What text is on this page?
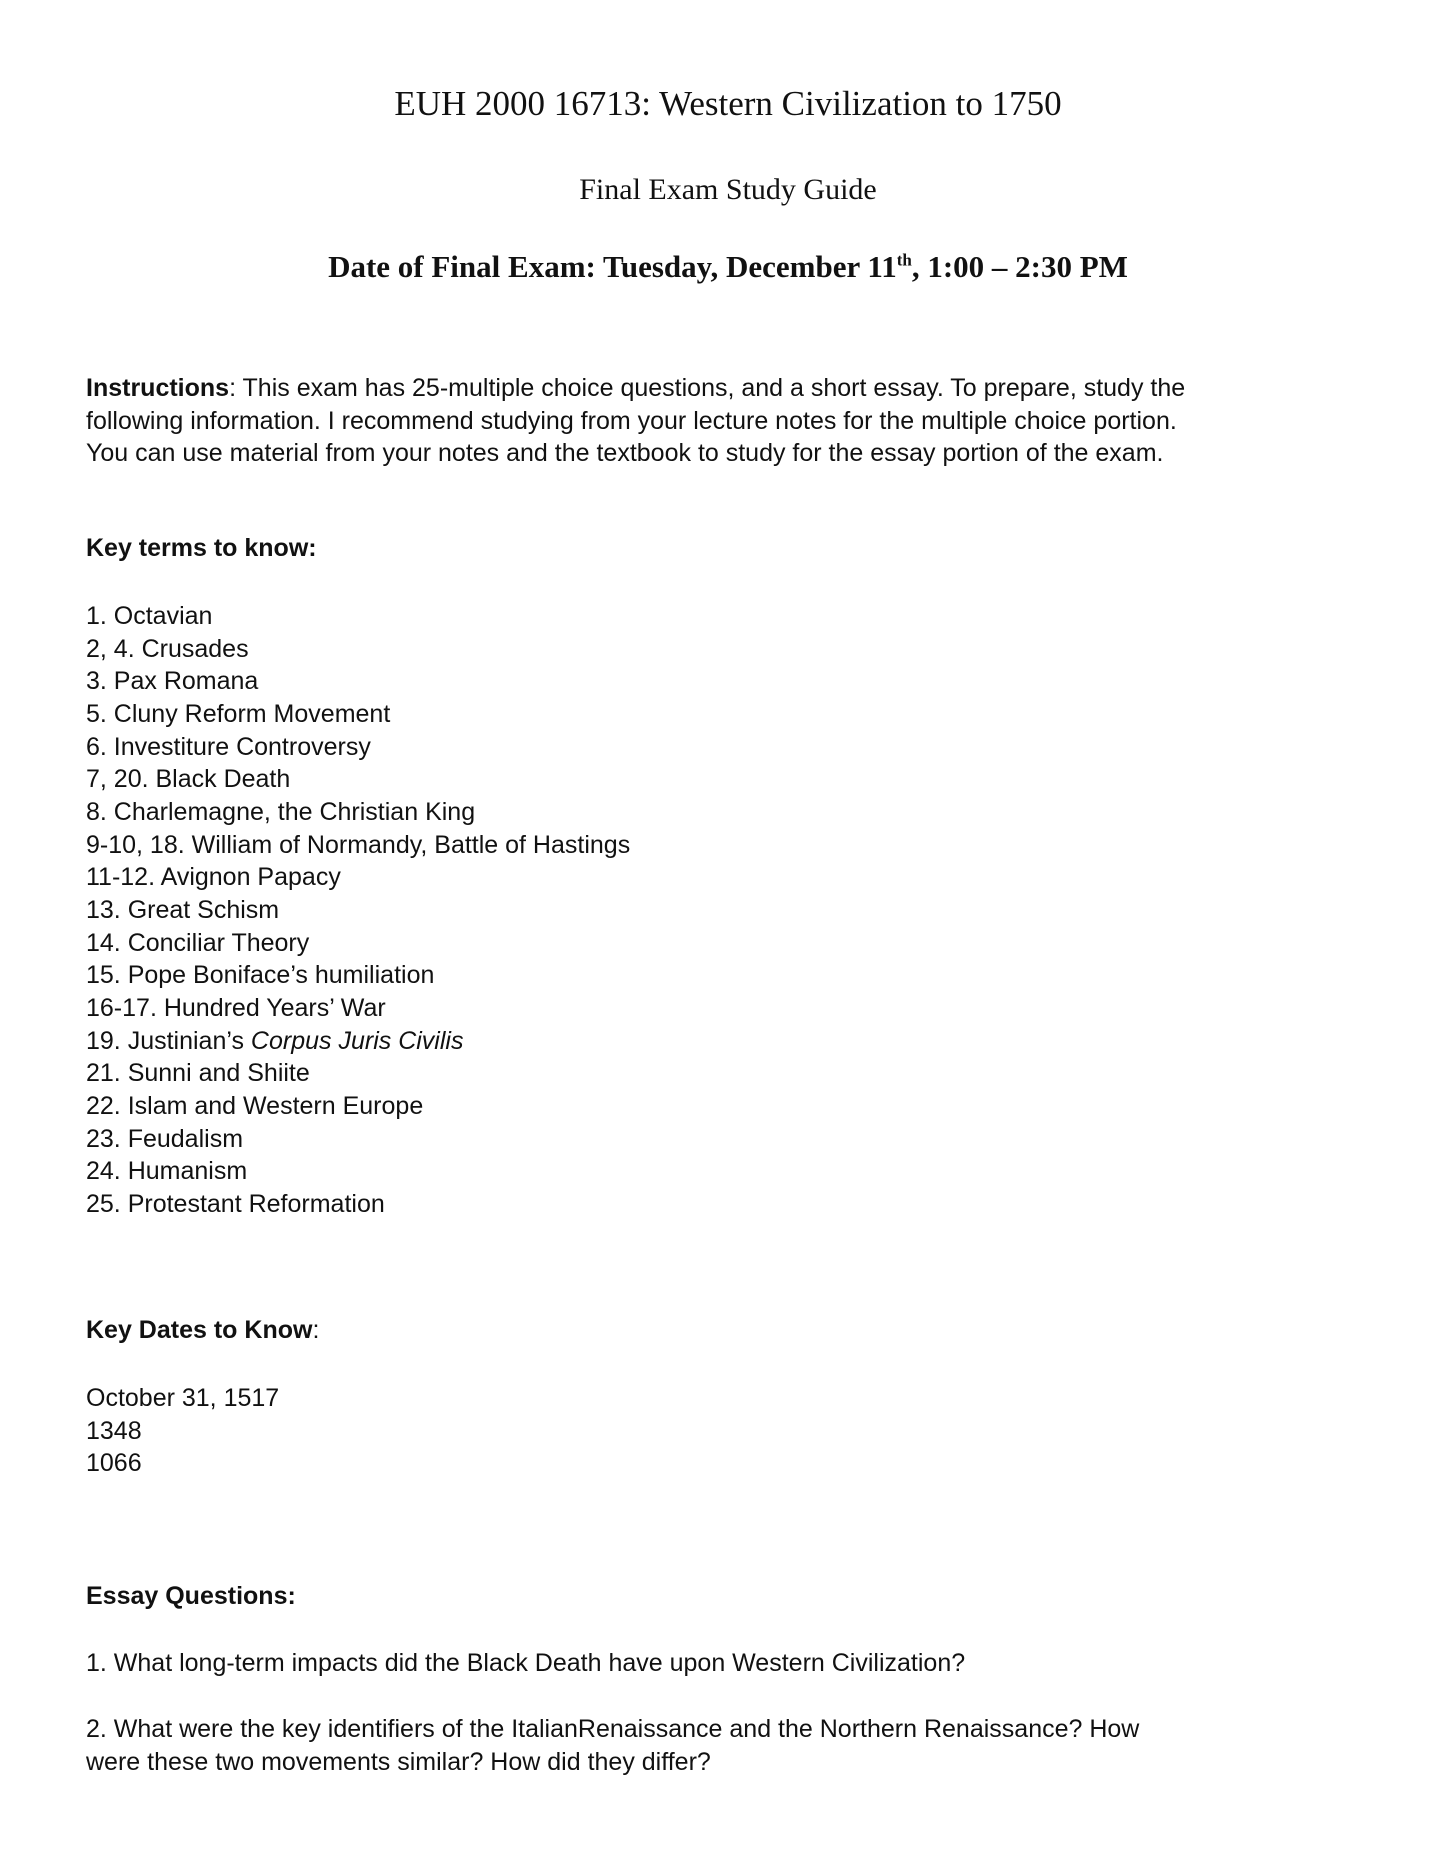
EUH 2000 16713: Western Civilization to 1750
Final Exam Study Guide
Date of Final Exam: Tuesday, December 11th, 1:00 – 2:30 PM
Instructions: This exam has 25-multiple choice questions, and a short essay. To prepare, study the
following information. I recommend studying from your lecture notes for the multiple choice portion.
You can use material from your notes and the textbook to study for the essay portion of the exam.
Key terms to know:
1. Octavian
2, 4. Crusades
3. Pax Romana
5. Cluny Reform Movement
6. Investiture Controversy
7, 20. Black Death
8. Charlemagne, the Christian King
9-10, 18. William of Normandy, Battle of Hastings
11-12. Avignon Papacy
13. Great Schism
14. Conciliar Theory
15. Pope Boniface’s humiliation
16-17. Hundred Years’ War
19. Justinian’s Corpus Juris Civilis
21. Sunni and Shiite
22. Islam and Western Europe
23. Feudalism
24. Humanism
25. Protestant Reformation
Key Dates to Know:
October 31, 1517
1348
1066
Essay Questions:
1. What long-term impacts did the Black Death have upon Western Civilization?
2. What were the key identifiers of the ItalianRenaissance and the Northern Renaissance? How
were these two movements similar? How did they differ?
